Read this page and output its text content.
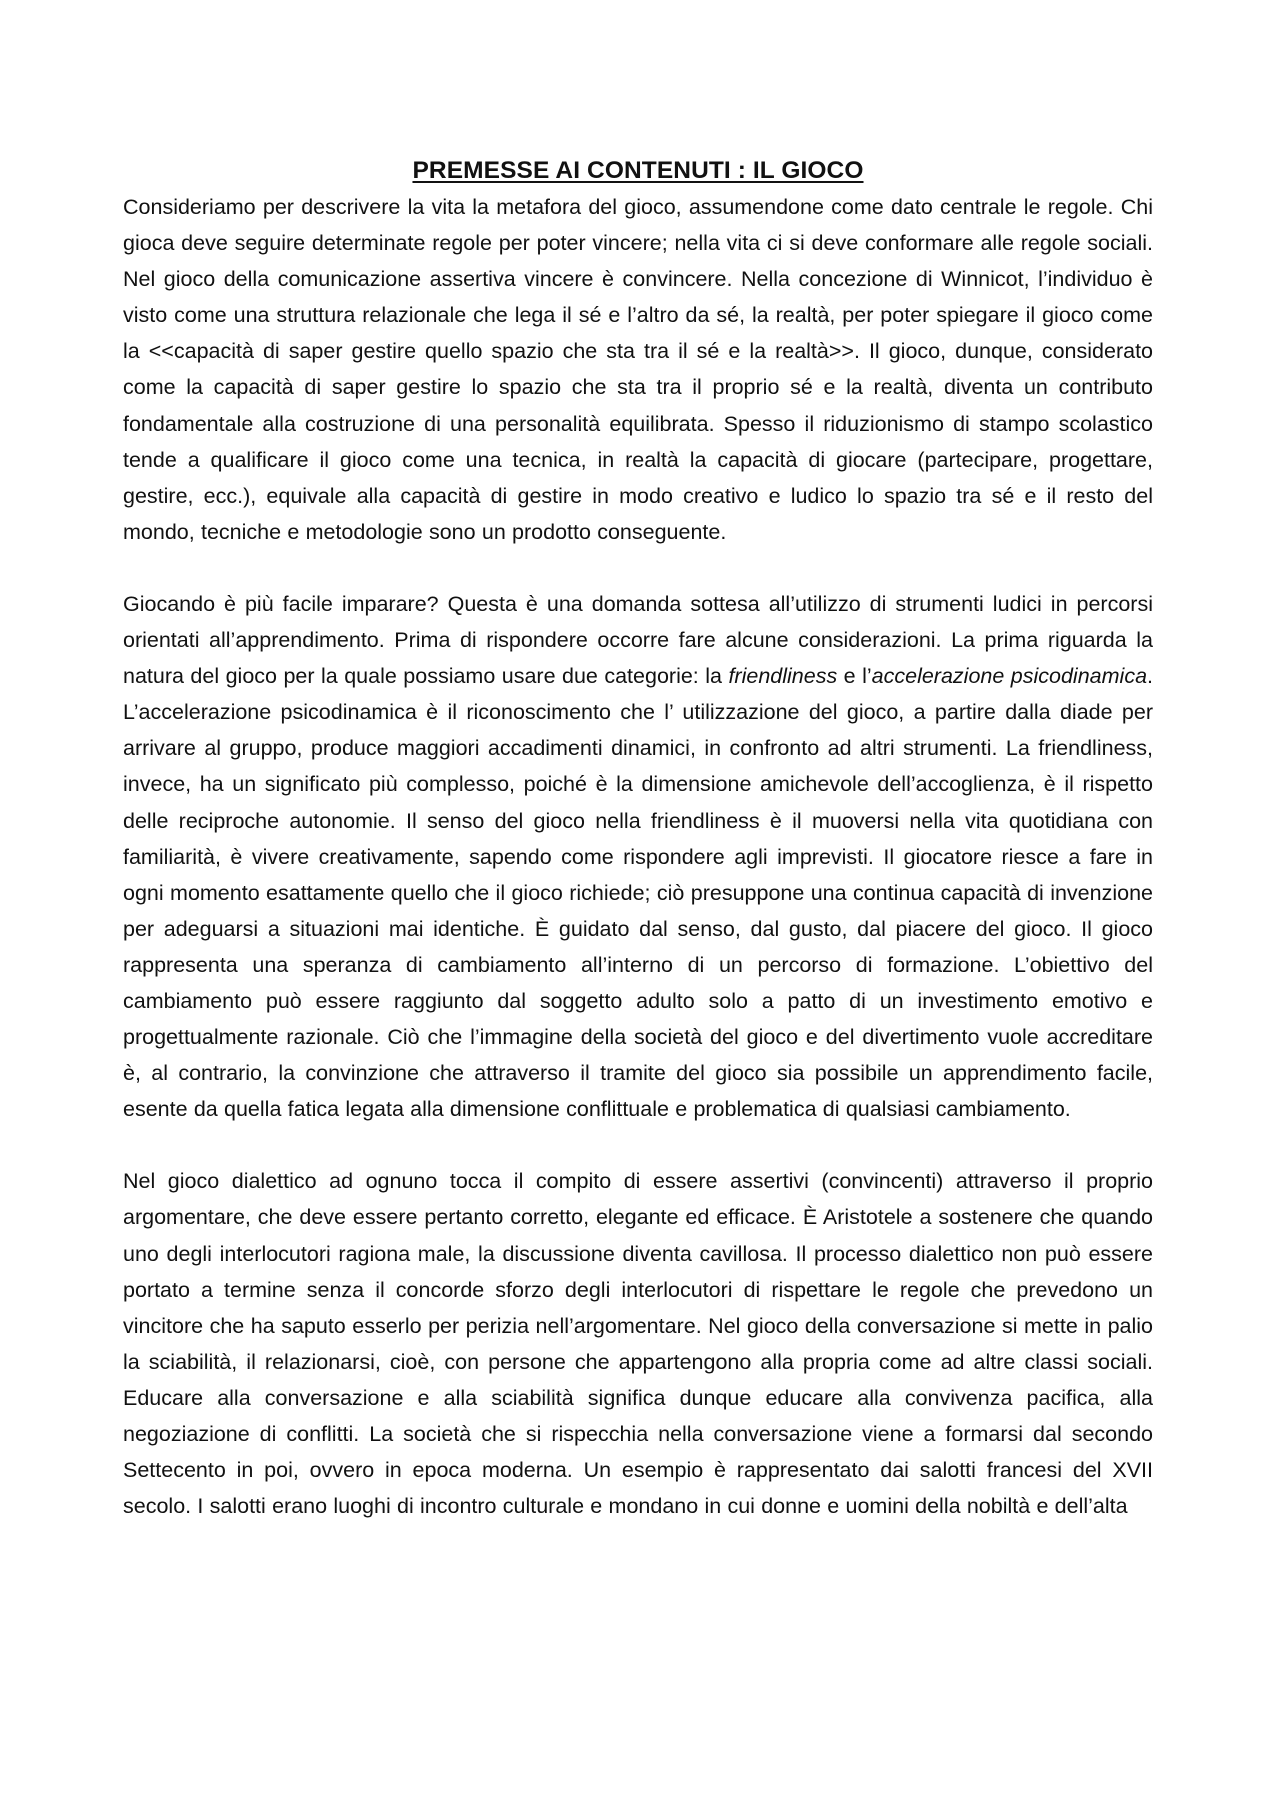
PREMESSE AI CONTENUTI : IL GIOCO

Consideriamo per descrivere la vita la metafora del gioco, assumendone come dato centrale le regole. Chi gioca deve seguire determinate regole per poter vincere; nella vita ci si deve conformare alle regole sociali. Nel gioco della comunicazione assertiva vincere è convincere. Nella concezione di Winnicot, l’individuo è visto come una struttura relazionale che lega il sé e l’altro da sé, la realtà, per poter spiegare il gioco come la <<capacità di saper gestire quello spazio che sta tra il sé e la realtà>>. Il gioco, dunque, considerato come la capacità di saper gestire lo spazio che sta tra il proprio sé e la realtà, diventa un contributo fondamentale alla costruzione di una personalità equilibrata. Spesso il riduzionismo di stampo scolastico tende a qualificare il gioco come una tecnica, in realtà la capacità di giocare (partecipare, progettare, gestire, ecc.), equivale alla capacità di gestire in modo creativo e ludico lo spazio tra sé e il resto del mondo, tecniche e metodologie sono un prodotto conseguente.

Giocando è più facile imparare? Questa è una domanda sottesa all’utilizzo di strumenti ludici in percorsi orientati all’apprendimento. Prima di rispondere occorre fare alcune considerazioni. La prima riguarda la natura del gioco per la quale possiamo usare due categorie: la friendliness e l’accelerazione psicodinamica. L’accelerazione psicodinamica è il riconoscimento che l’ utilizzazione del gioco, a partire dalla diade per arrivare al gruppo, produce maggiori accadimenti dinamici, in confronto ad altri strumenti. La friendliness, invece, ha un significato più complesso, poiché è la dimensione amichevole dell’accoglienza, è il rispetto delle reciproche autonomie. Il senso del gioco nella friendliness è il muoversi nella vita quotidiana con familiarità, è vivere creativamente, sapendo come rispondere agli imprevisti. Il giocatore riesce a fare in ogni momento esattamente quello che il gioco richiede; ciò presuppone una continua capacità di invenzione per adeguarsi a situazioni mai identiche. È guidato dal senso, dal gusto, dal piacere del gioco. Il gioco rappresenta una speranza di cambiamento all’interno di un percorso di formazione. L’obiettivo del cambiamento può essere raggiunto dal soggetto adulto solo a patto di un investimento emotivo e progettualmente razionale. Ciò che l’immagine della società del gioco e del divertimento vuole accreditare è, al contrario, la convinzione che attraverso il tramite del gioco sia possibile un apprendimento facile, esente da quella fatica legata alla dimensione conflittuale e problematica di qualsiasi cambiamento.

Nel gioco dialettico ad ognuno tocca il compito di essere assertivi (convincenti) attraverso il proprio argomentare, che deve essere pertanto corretto, elegante ed efficace. È Aristotele a sostenere che quando uno degli interlocutori ragiona male, la discussione diventa cavillosa. Il processo dialettico non può essere portato a termine senza il concorde sforzo degli interlocutori di rispettare le regole che prevedono un vincitore che ha saputo esserlo per perizia nell’argomentare. Nel gioco della conversazione si mette in palio la sciabilità, il relazionarsi, cioè, con persone che appartengono alla propria come ad altre classi sociali. Educare alla conversazione e alla sciabilità significa dunque educare alla convivenza pacifica, alla negoziazione di conflitti. La società che si rispecchia nella conversazione viene a formarsi dal secondo Settecento in poi, ovvero in epoca moderna. Un esempio è rappresentato dai salotti francesi del XVII secolo. I salotti erano luoghi di incontro culturale e mondano in cui donne e uomini della nobiltà e dell’alta
